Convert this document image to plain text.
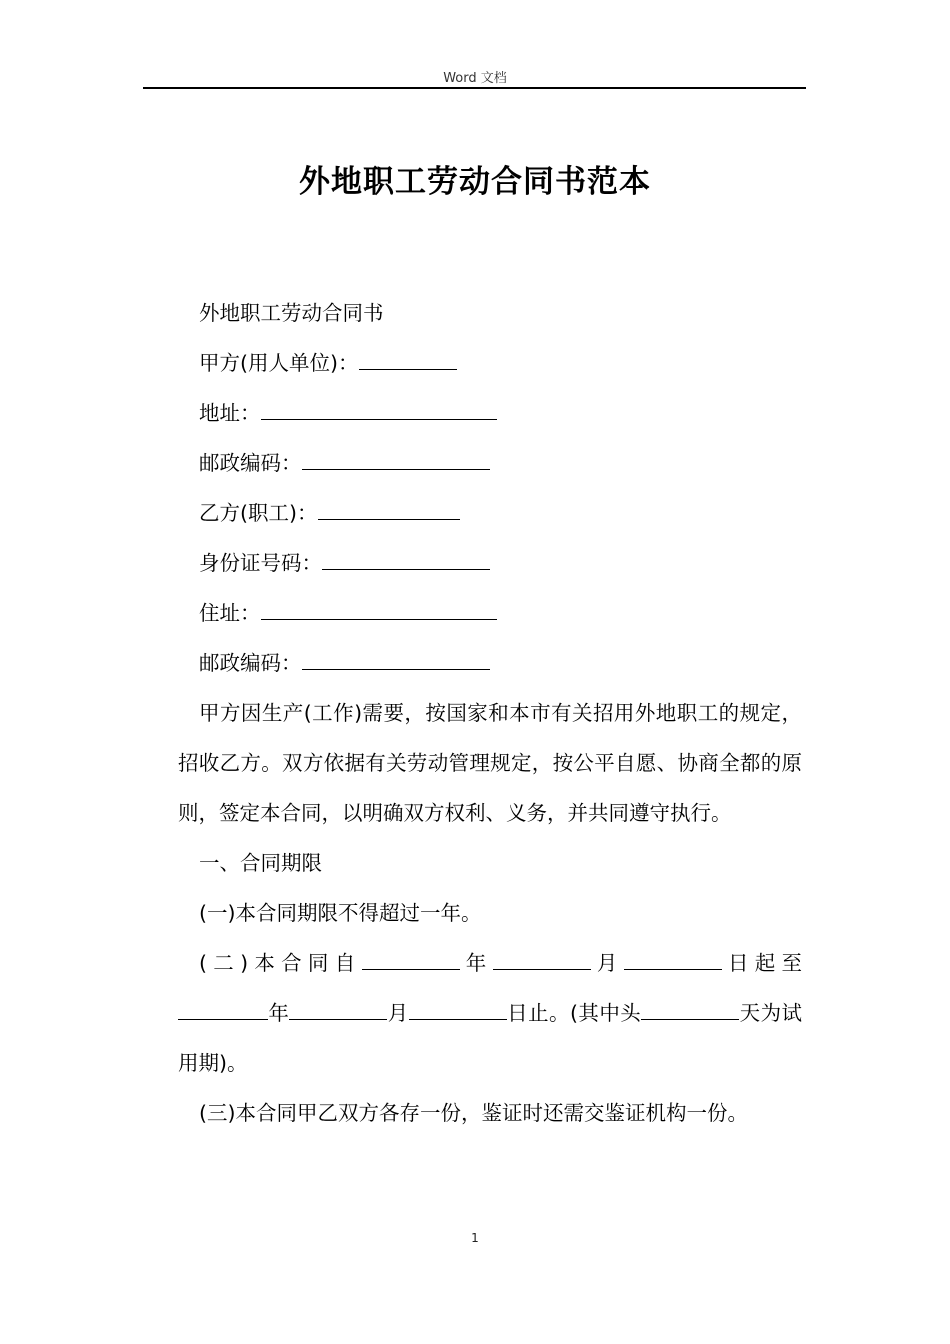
Word 文档
外地职工劳动合同书范本

外地职工劳动合同书

甲方(用人单位)：

地址：

邮政编码：

乙方(职工)：

身份证号码：

住址：

邮政编码：

甲方因生产(工作)需要，按国家和本市有关招用外地职工的规定，招收乙方。双方依据有关劳动管理规定，按公平自愿、协商全都的原则，签定本合同，以明确双方权利、义务，并共同遵守执行。

一、合同期限

(一)本合同期限不得超过一年。

(二)本合同自	年	月	日起至年	月	日止。(其中头	天为试用期)。

(三)本合同甲乙双方各存一份，鉴证时还需交鉴证机构一份。

1
